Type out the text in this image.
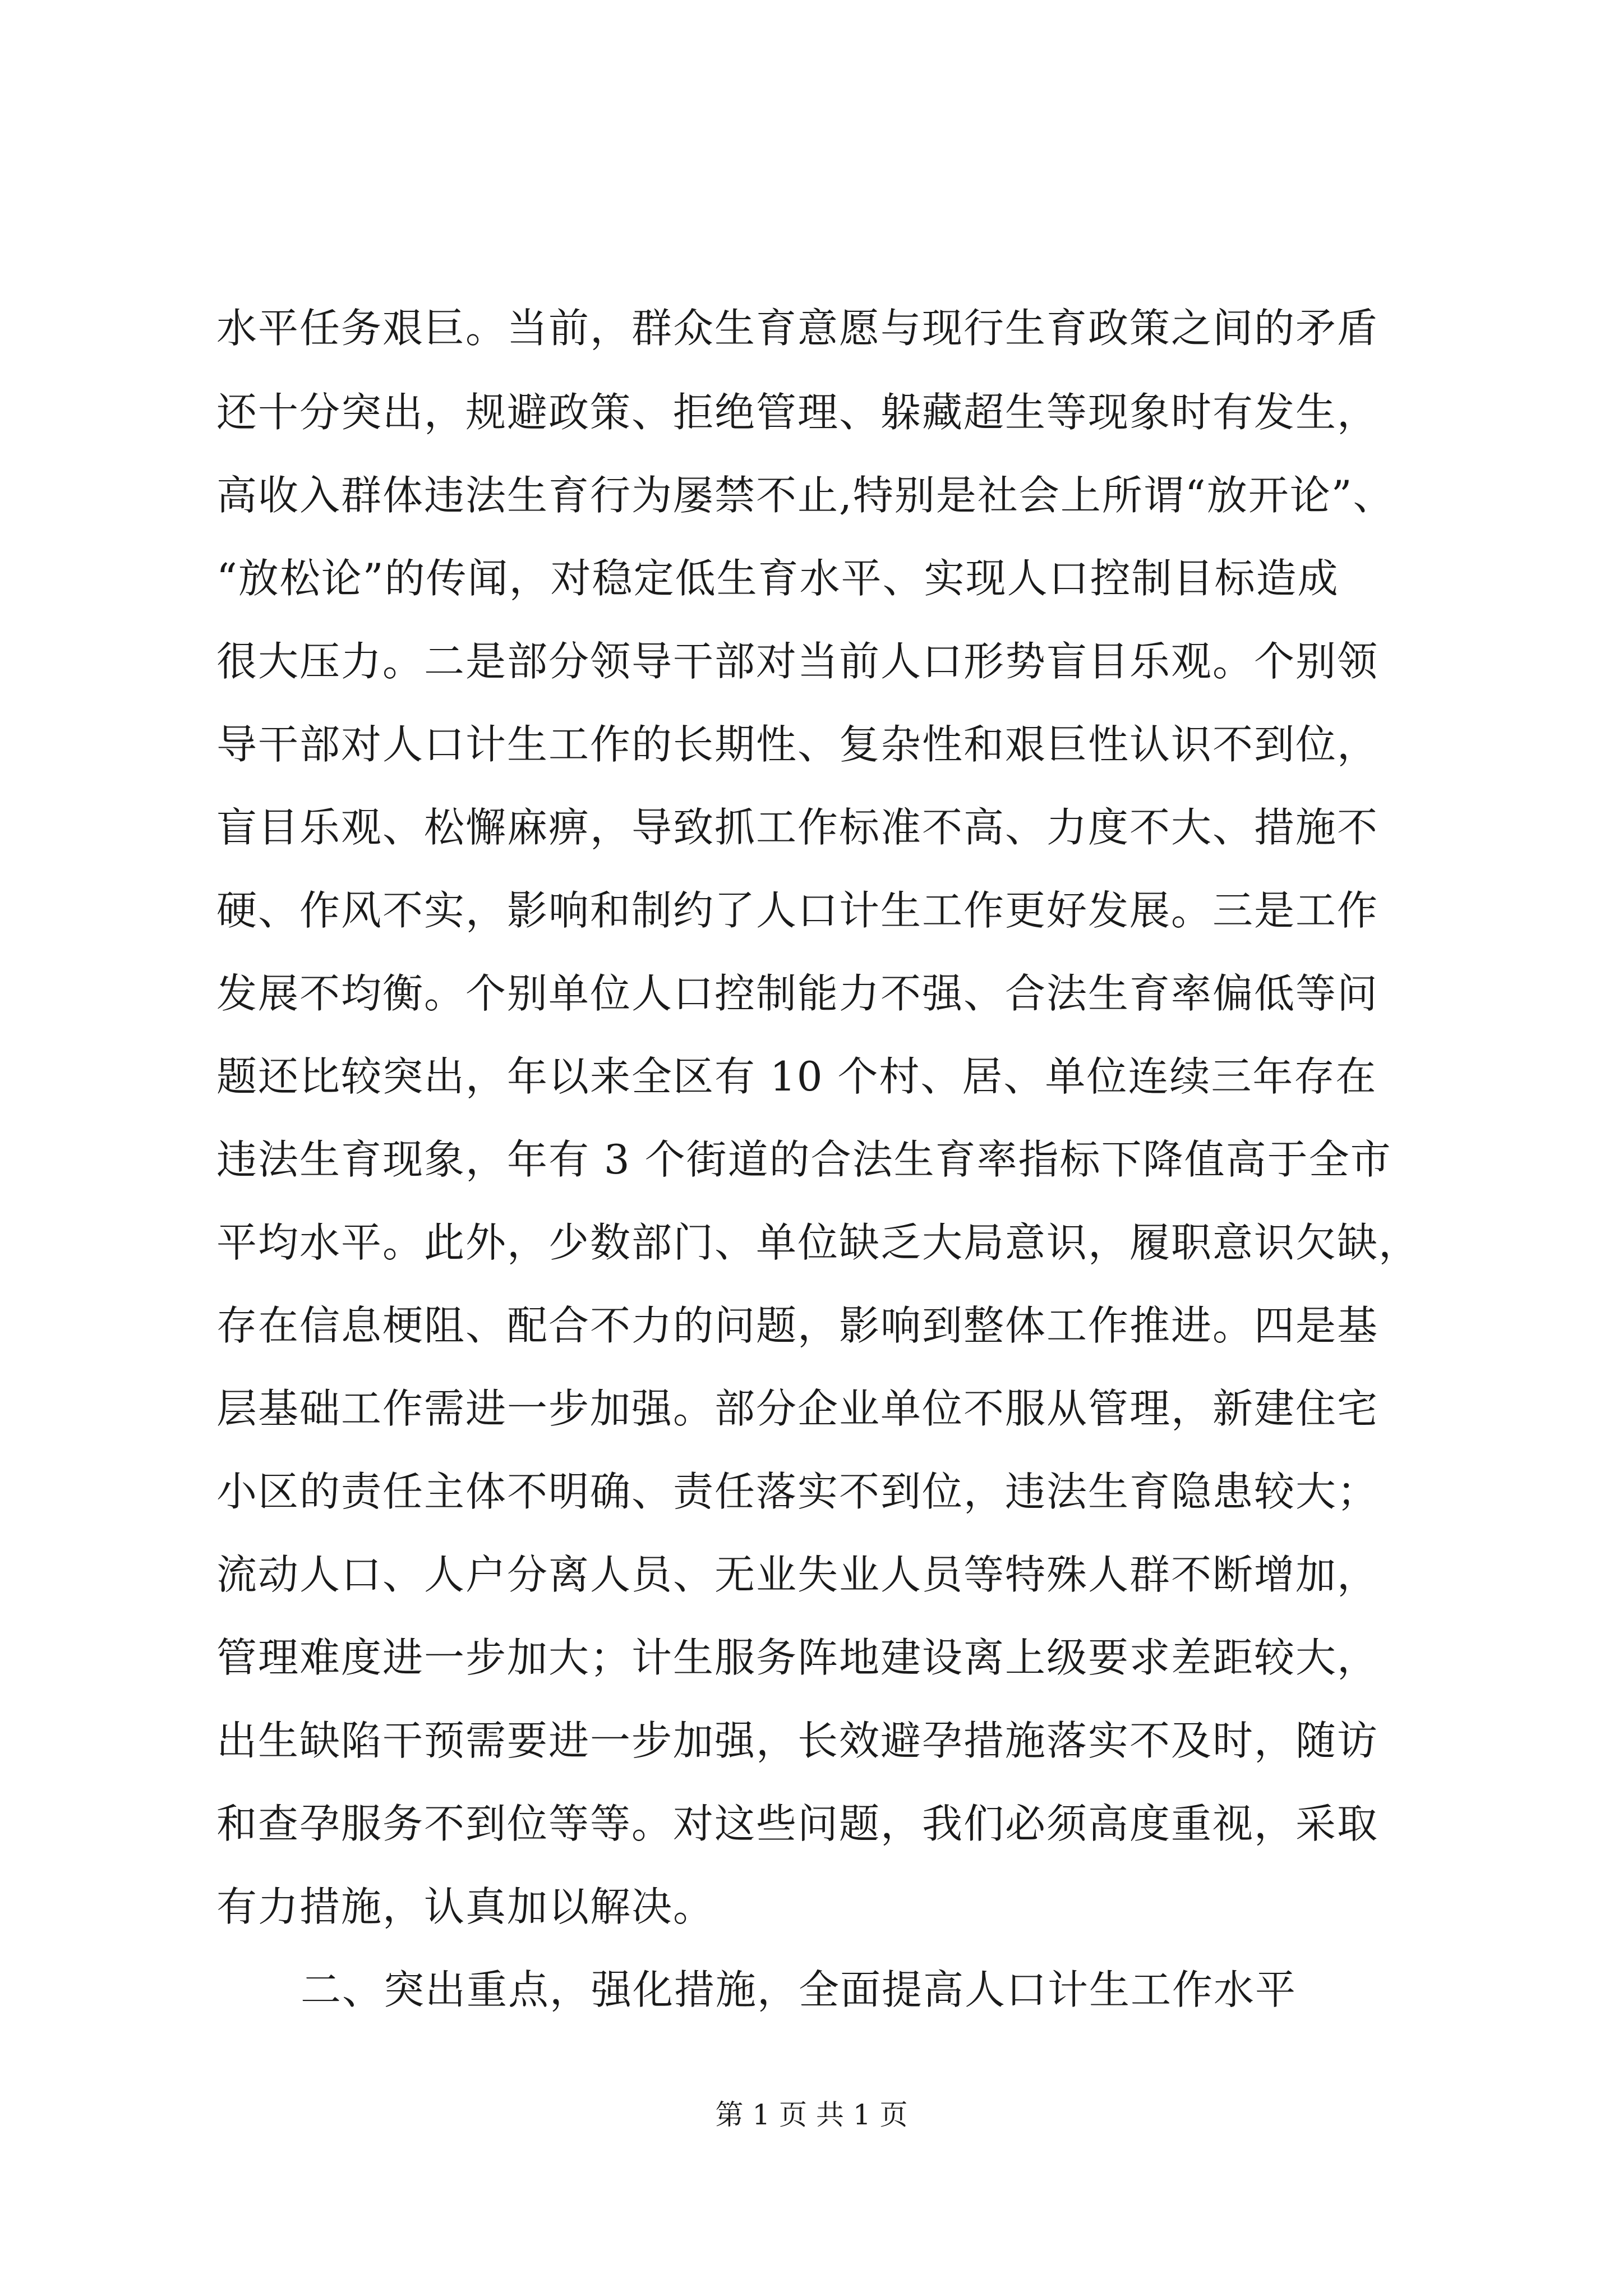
水平任务艰巨。当前，群众生育意愿与现行生育政策之间的矛盾
还十分突出，规避政策、拒绝管理、躲藏超生等现象时有发生，
高收入群体违法生育行为屡禁不止,特别是社会上所谓“放开论”、
“放松论”的传闻，对稳定低生育水平、实现人口控制目标造成
很大压力。二是部分领导干部对当前人口形势盲目乐观。个别领
导干部对人口计生工作的长期性、复杂性和艰巨性认识不到位，
盲目乐观、松懈麻痹，导致抓工作标准不高、力度不大、措施不
硬、作风不实，影响和制约了人口计生工作更好发展。三是工作
发展不均衡。个别单位人口控制能力不强、合法生育率偏低等问
题还比较突出，年以来全区有 10 个村、居、单位连续三年存在
违法生育现象，年有 3 个街道的合法生育率指标下降值高于全市
平均水平。此外，少数部门、单位缺乏大局意识，履职意识欠缺，
存在信息梗阻、配合不力的问题，影响到整体工作推进。四是基
层基础工作需进一步加强。部分企业单位不服从管理，新建住宅
小区的责任主体不明确、责任落实不到位，违法生育隐患较大；
流动人口、人户分离人员、无业失业人员等特殊人群不断增加，
管理难度进一步加大；计生服务阵地建设离上级要求差距较大，
出生缺陷干预需要进一步加强，长效避孕措施落实不及时，随访
和查孕服务不到位等等。对这些问题，我们必须高度重视，采取
有力措施，认真加以解决。
二、突出重点，强化措施，全面提高人口计生工作水平
第 1 页 共 1 页
